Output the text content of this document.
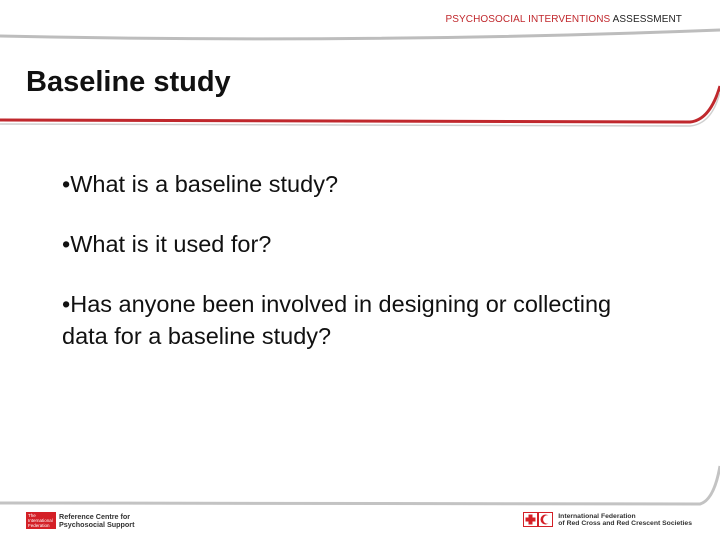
PSYCHOSOCIAL INTERVENTIONS ASSESSMENT
Baseline study
•What is a baseline study?
•What is it used for?
•Has anyone been involved in designing or collecting data for a baseline study?
The International Federation
Reference Centre for
Psychosocial Support
International Federation
of Red Cross and Red Crescent Societies
